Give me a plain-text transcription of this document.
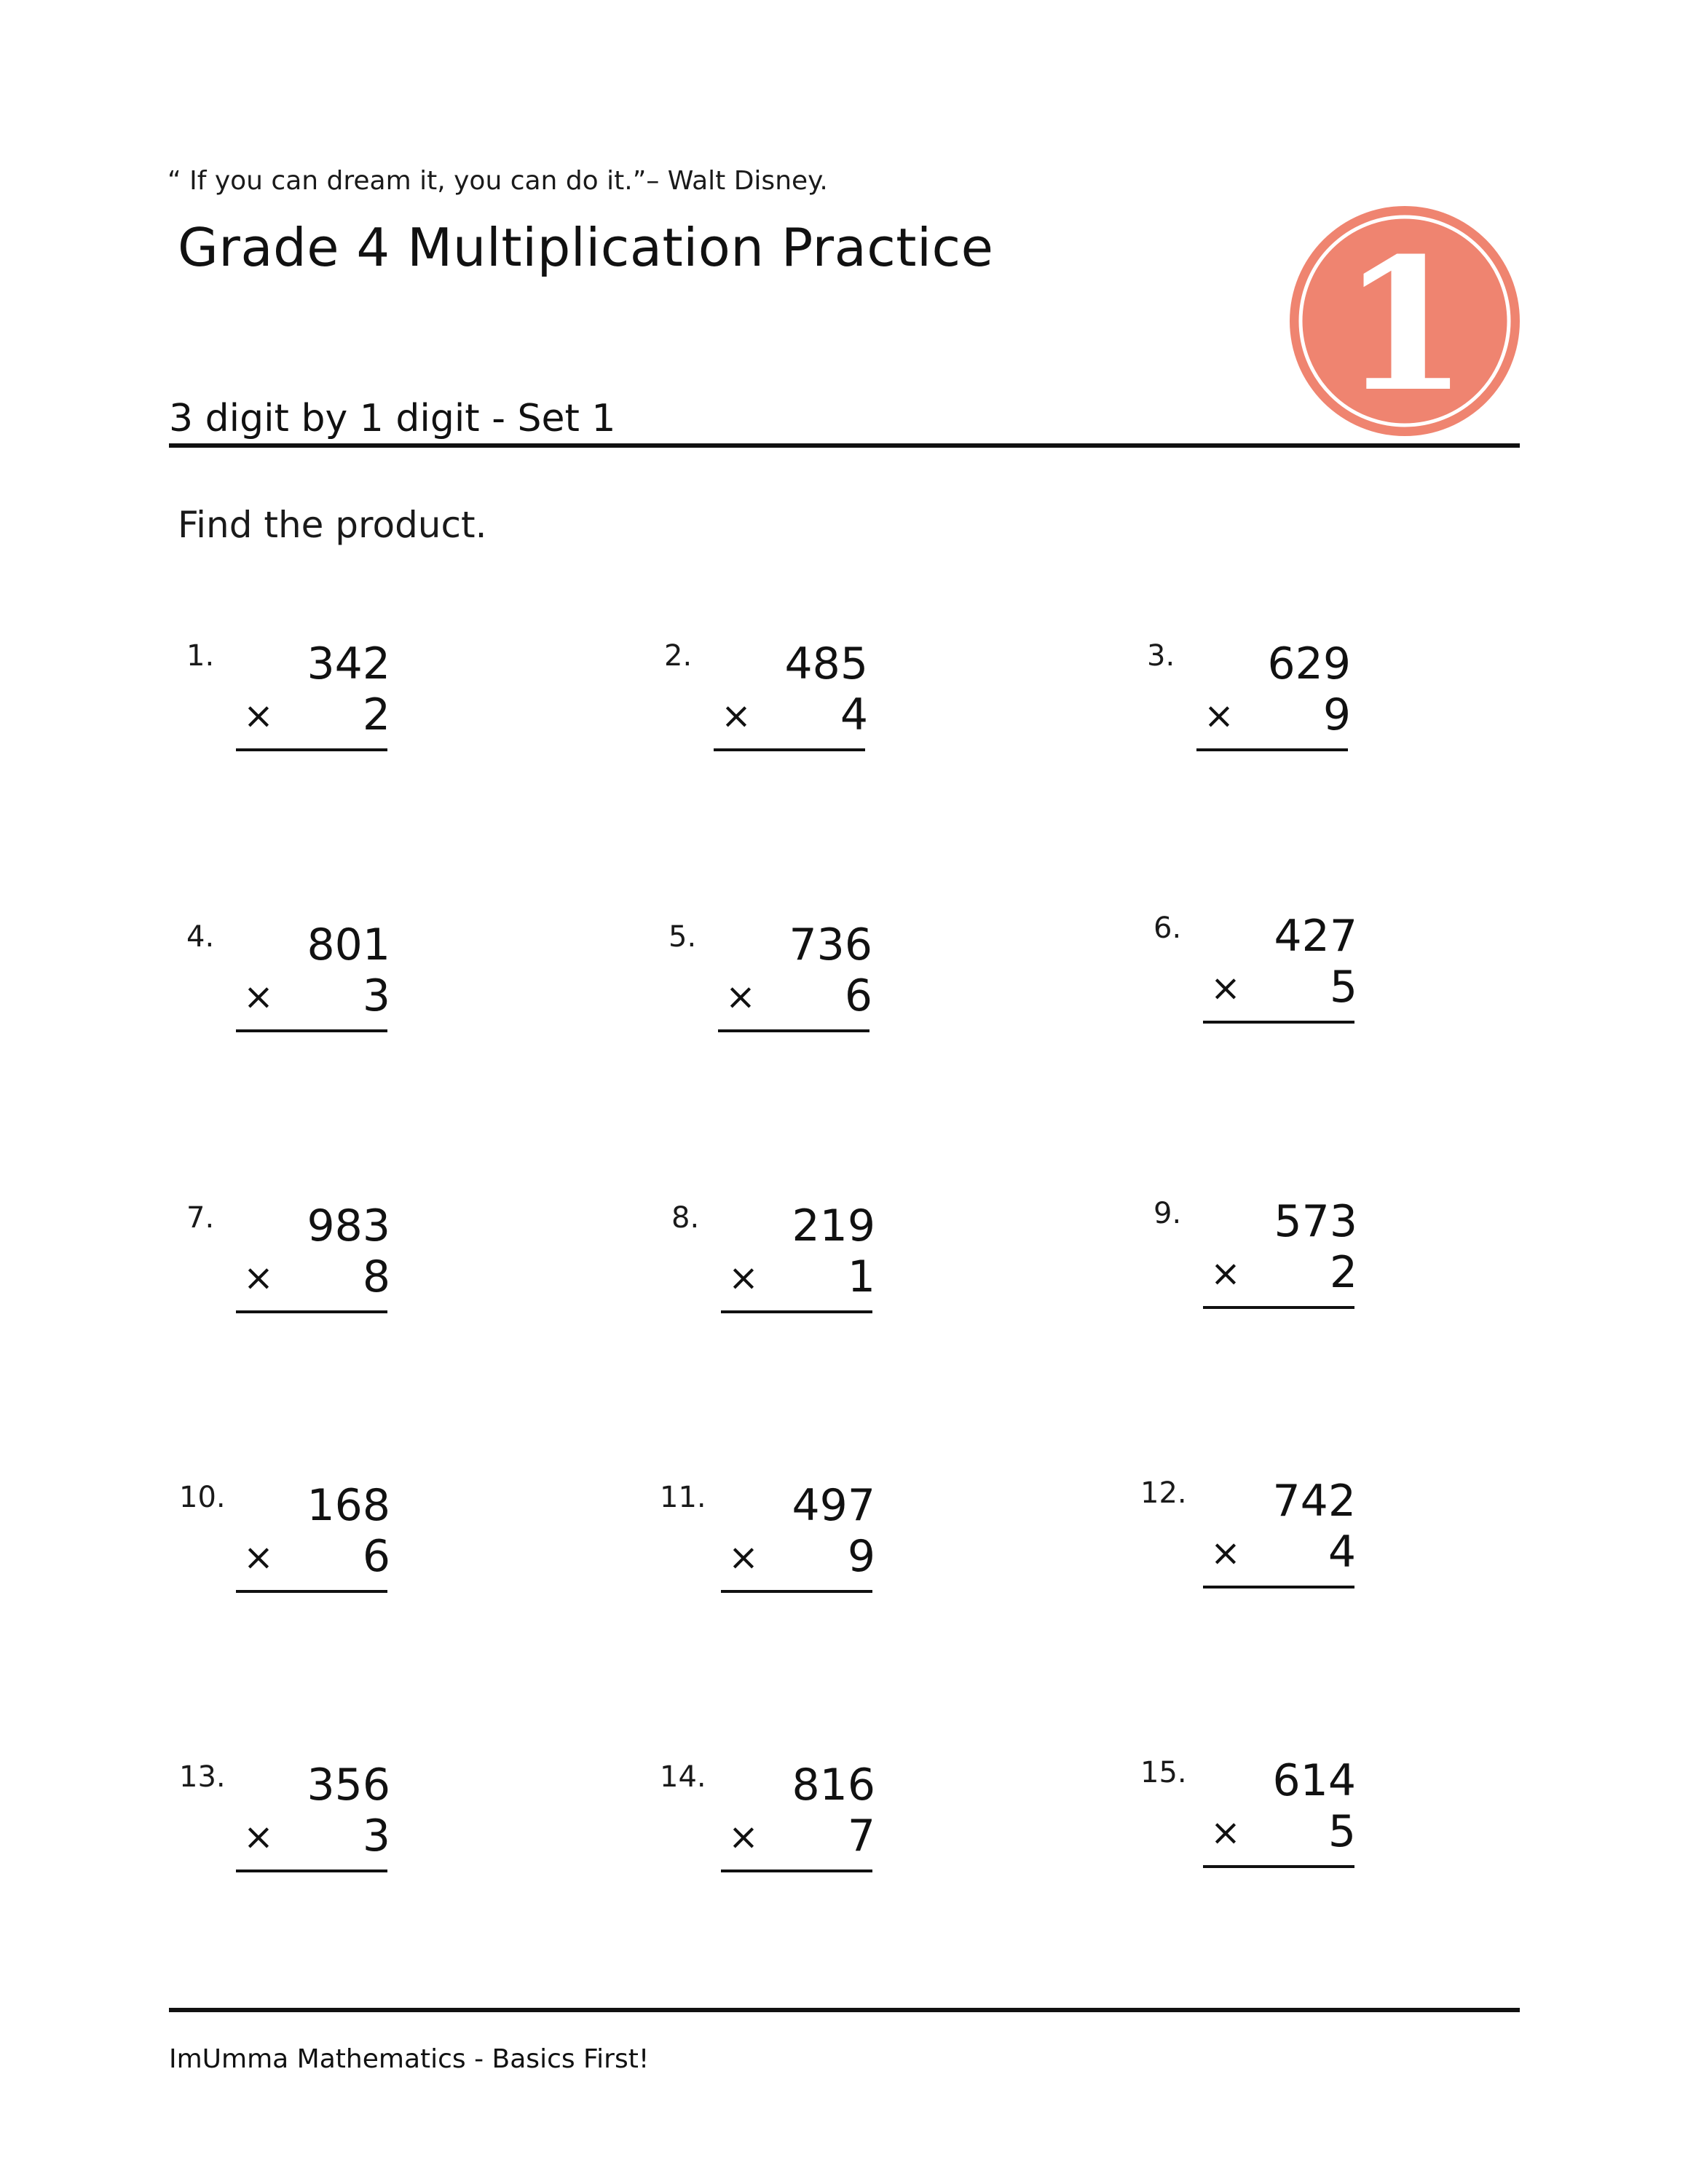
“ If you can dream it, you can do it.”– Walt Disney.
Grade 4 Multiplication Practice 1
3 digit by 1 digit - Set 1
Find the product.
1. 342
× 2
2. 485
× 4
3. 629
× 9
4. 801
× 3
5. 736
× 6
6. 427
× 5
7. 983
× 8
8. 219
× 1
9. 573
× 2
10. 168
× 6
11. 497
× 9
12. 742
× 4
13. 356
× 3
14. 816
× 7
15. 614
× 5
ImUmma Mathematics - Basics First!
